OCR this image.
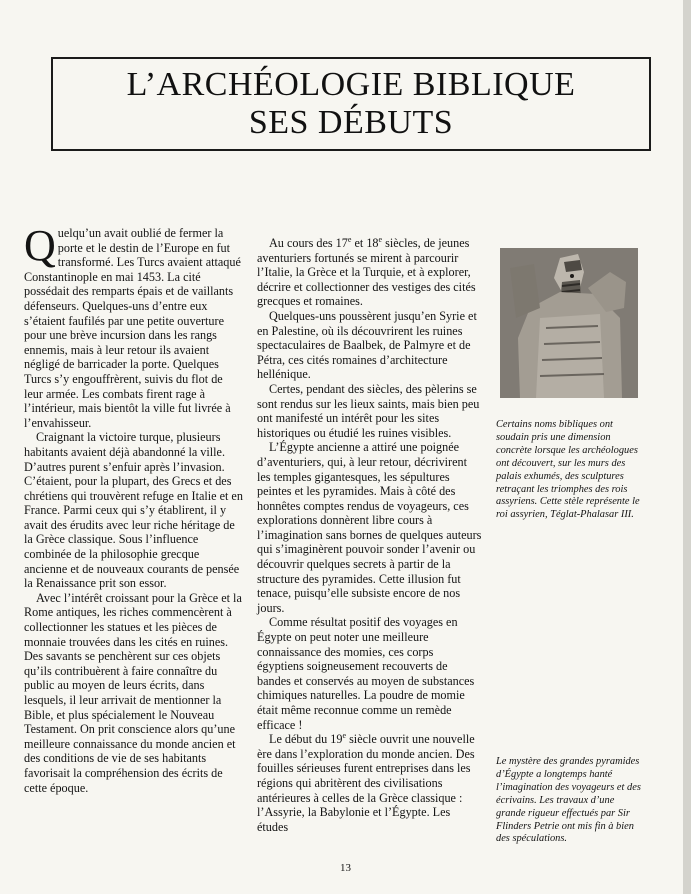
L’ARCHÉOLOGIE BIBLIQUE
SES DÉBUTS

Quelqu’un avait oublié de fermer la porte et le destin de l’Europe en fut transformé. Les Turcs avaient attaqué Constantinople en mai 1453. La cité possédait des remparts épais et de vaillants défenseurs. Quelques-uns d’entre eux s’étaient faufilés par une petite ouverture pour une brève incursion dans les rangs ennemis, mais à leur retour ils avaient négligé de barricader la porte. Quelques Turcs s’y engouffrèrent, suivis du flot de leur armée. Les combats firent rage à l’intérieur, mais bientôt la ville fut livrée à l’envahisseur.

Craignant la victoire turque, plusieurs habitants avaient déjà abandonné la ville. D’autres purent s’enfuir après l’invasion. C’étaient, pour la plupart, des Grecs et des chrétiens qui trouvèrent refuge en Italie et en France. Parmi ceux qui s’y établirent, il y avait des érudits avec leur riche héritage de la Grèce classique. Sous l’influence combinée de la philosophie grecque ancienne et de nouveaux courants de pensée la Renaissance prit son essor.

Avec l’intérêt croissant pour la Grèce et la Rome antiques, les riches commencèrent à collectionner les statues et les pièces de monnaie trouvées dans les cités en ruines. Des savants se penchèrent sur ces objets qu’ils contribuèrent à faire connaître du public au moyen de leurs écrits, dans lesquels, il leur arrivait de mentionner la Bible, et plus spécialement le Nouveau Testament. On prit conscience alors qu’une meilleure connaissance du monde ancien et des conditions de vie de ses habitants favorisait la compréhension des écrits de cette époque.

Au cours des 17e et 18e siècles, de jeunes aventuriers fortunés se mirent à parcourir l’Italie, la Grèce et la Turquie, et à explorer, décrire et collectionner des vestiges des cités grecques et romaines.

Quelques-uns poussèrent jusqu’en Syrie et en Palestine, où ils découvrirent les ruines spectaculaires de Baalbek, de Palmyre et de Pétra, ces cités romaines d’architecture hellénique.

Certes, pendant des siècles, des pèlerins se sont rendus sur les lieux saints, mais bien peu ont manifesté un intérêt pour les sites historiques ou étudié les ruines visibles.

L’Égypte ancienne a attiré une poignée d’aventuriers, qui, à leur retour, décrivirent les temples gigantesques, les sépultures peintes et les pyramides. Mais à côté des honnêtes comptes rendus de voyageurs, ces explorations donnèrent libre cours à l’imagination sans bornes de quelques auteurs qui s’imaginèrent pouvoir sonder l’avenir ou découvrir quelques secrets à partir de la structure des pyramides. Cette illusion fut tenace, puisqu’elle subsiste encore de nos jours.

Comme résultat positif des voyages en Égypte on peut noter une meilleure connaissance des momies, ces corps égyptiens soigneusement recouverts de bandes et conservés au moyen de substances chimiques naturelles. La poudre de momie était même reconnue comme un remède efficace !

Le début du 19e siècle ouvrit une nouvelle ère dans l’exploration du monde ancien. Des fouilles sérieuses furent entreprises dans les régions qui abritèrent des civilisations antérieures à celles de la Grèce classique : l’Assyrie, la Babylonie et l’Égypte. Les études

Certains noms bibliques ont soudain pris une dimension concrète lorsque les archéologues ont découvert, sur les murs des palais exhumés, des sculptures retraçant les triomphes des rois assyriens. Cette stèle représente le roi assyrien, Téglat-Phalasar III.
Le mystère des grandes pyramides d’Égypte a longtemps hanté l’imagination des voyageurs et des écrivains. Les travaux d’une grande rigueur effectués par Sir Flinders Petrie ont mis fin à bien des spéculations.
13
